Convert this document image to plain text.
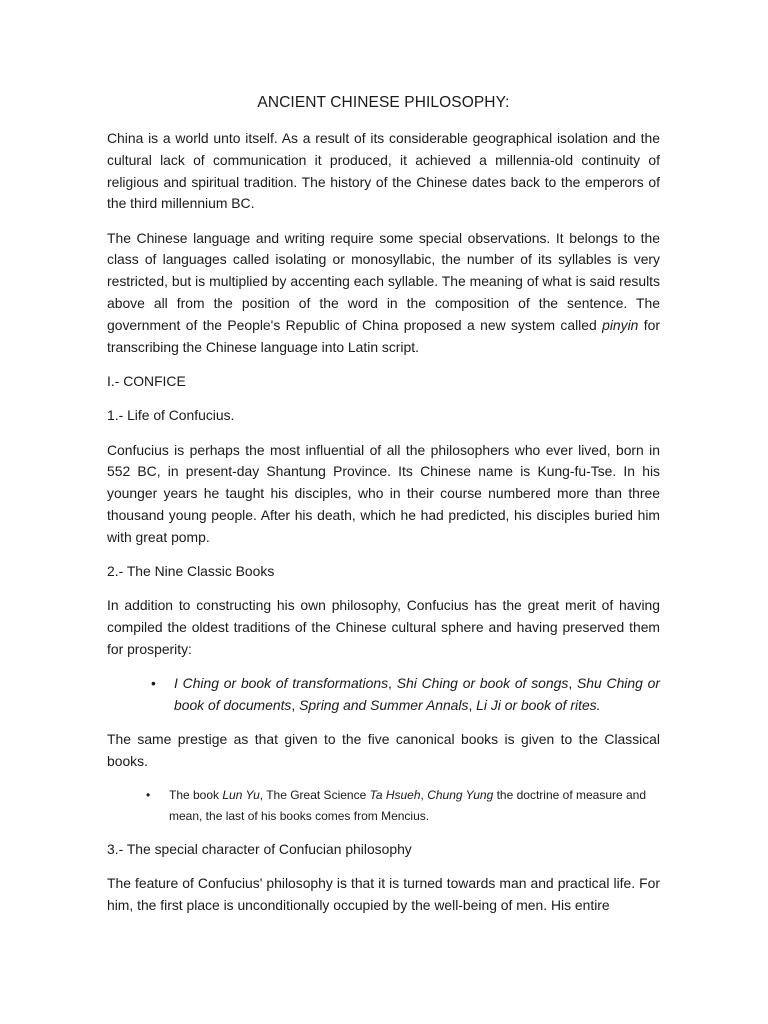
ANCIENT CHINESE PHILOSOPHY:

China is a world unto itself. As a result of its considerable geographical isolation and the cultural lack of communication it produced, it achieved a millennia-old continuity of religious and spiritual tradition. The history of the Chinese dates back to the emperors of the third millennium BC.

The Chinese language and writing require some special observations. It belongs to the class of languages called isolating or monosyllabic, the number of its syllables is very restricted, but is multiplied by accenting each syllable. The meaning of what is said results above all from the position of the word in the composition of the sentence. The government of the People's Republic of China proposed a new system called pinyin for transcribing the Chinese language into Latin script.

I.- CONFICE

1.- Life of Confucius.

Confucius is perhaps the most influential of all the philosophers who ever lived, born in 552 BC, in present-day Shantung Province. Its Chinese name is Kung-fu-Tse. In his younger years he taught his disciples, who in their course numbered more than three thousand young people. After his death, which he had predicted, his disciples buried him with great pomp.

2.- The Nine Classic Books

In addition to constructing his own philosophy, Confucius has the great merit of having compiled the oldest traditions of the Chinese cultural sphere and having preserved them for prosperity:

• I Ching or book of transformations, Shi Ching or book of songs, Shu Ching or book of documents, Spring and Summer Annals, Li Ji or book of rites.

The same prestige as that given to the five canonical books is given to the Classical books.

• The book Lun Yu, The Great Science Ta Hsueh, Chung Yung the doctrine of measure and mean, the last of his books comes from Mencius.

3.- The special character of Confucian philosophy

The feature of Confucius' philosophy is that it is turned towards man and practical life. For him, the first place is unconditionally occupied by the well-being of men. His entire
